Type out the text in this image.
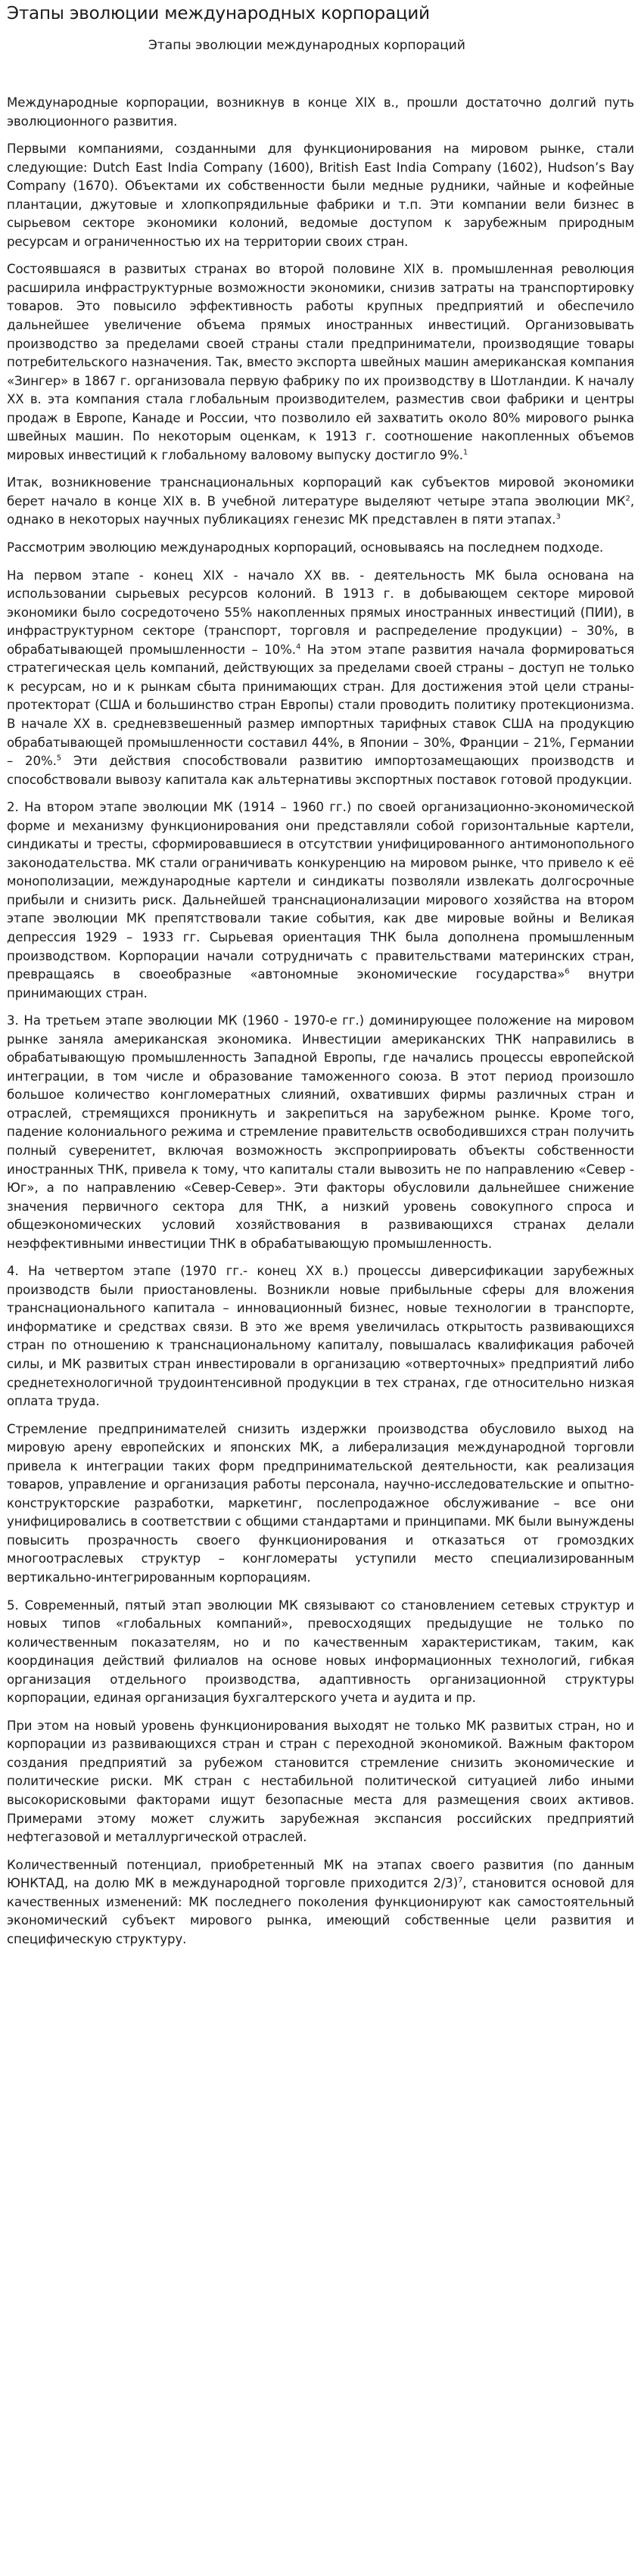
Этапы эволюции международных корпораций
Этапы эволюции международных корпораций

Международные корпорации, возникнув в конце XIX в., прошли достаточно долгий путь эволюционного развития.

Первыми компаниями, созданными для функционирования на мировом рынке, стали следующие: Dutch East India Company (1600), British East India Company (1602), Hudson’s Bay Company (1670). Объектами их собственности были медные рудники, чайные и кофейные плантации, джутовые и хлопкопрядильные фабрики и т.п. Эти компании вели бизнес в сырьевом секторе экономики колоний, ведомые доступом к зарубежным природным ресурсам и ограниченностью их на территории своих стран.

Состоявшаяся в развитых странах во второй половине XIX в. промышленная революция расширила инфраструктурные возможности экономики, снизив затраты на транспортировку товаров. Это повысило эффективность работы крупных предприятий и обеспечило дальнейшее увеличение объема прямых иностранных инвестиций. Организовывать производство за пределами своей страны стали предприниматели, производящие товары потребительского назначения. Так, вместо экспорта швейных машин американская компания «Зингер» в 1867 г. организовала первую фабрику по их производству в Шотландии. К началу XX в. эта компания стала глобальным производителем, разместив свои фабрики и центры продаж в Европе, Канаде и России, что позволило ей захватить около 80% мирового рынка швейных машин. По некоторым оценкам, к 1913 г. соотношение накопленных объемов мировых инвестиций к глобальному валовому выпуску достигло 9%.$^1$

Итак, возникновение транснациональных корпораций как субъектов мировой экономики берет начало в конце XIX в. В учебной литературе выделяют четыре этапа эволюции $МК^2$, однако в некоторых научных публикациях генезис МК представлен в пяти этапах.$^3$

Рассмотрим эволюцию международных корпораций, основываясь на последнем подходе.

На первом этапе - конец XIX - начало XX вв. - деятельность МК была основана на использовании сырьевых ресурсов колоний. В 1913 г. в добывающем секторе мировой экономики было сосредоточено 55% накопленных прямых иностранных инвестиций (ПИИ), в инфраструктурном секторе (транспорт, торговля и распределение продукции) – 30%, в обрабатывающей промышленности – 10%.$^4$ На этом этапе развития начала формироваться стратегическая цель компаний, действующих за пределами своей страны – доступ не только к ресурсам, но и к рынкам сбыта принимающих стран. Для достижения этой цели страны-протекторат (США и большинство стран Европы) стали проводить политику протекционизма. В начале XX в. средневзвешенный размер импортных тарифных ставок США на продукцию обрабатывающей промышленности составил 44%, в Японии – 30%, Франции – 21%, Германии – 20%.$^5$ Эти действия способствовали развитию импортозамещающих производств и способствовали вывозу капитала как альтернативы экспортных поставок готовой продукции.

2. На втором этапе эволюции МК (1914 – 1960 гг.) по своей организационно-экономической форме и механизму функционирования они представляли собой горизонтальные картели, синдикаты и тресты, сформировавшиеся в отсутствии унифицированного антимонопольного законодательства. МК стали ограничивать конкуренцию на мировом рынке, что привело к её монополизации, международные картели и синдикаты позволяли извлекать долгосрочные прибыли и снизить риск. Дальнейшей транснационализации мирового хозяйства на втором этапе эволюции МК препятствовали такие события, как две мировые войны и Великая депрессия 1929 – 1933 гг. Сырьевая ориентация ТНК была дополнена промышленным производством. Корпорации начали сотрудничать с правительствами материнских стран, превращаясь в своеобразные «автономные экономические государства»$^6$ внутри принимающих стран.

3. На третьем этапе эволюции МК (1960 - 1970-е гг.) доминирующее положение на мировом рынке заняла американская экономика. Инвестиции американских ТНК направились в обрабатывающую промышленность Западной Европы, где начались процессы европейской интеграции, в том числе и образование таможенного союза. В этот период произошло большое количество конгломератных слияний, охвативших фирмы различных стран и отраслей, стремящихся проникнуть и закрепиться на зарубежном рынке. Кроме того, падение колониального режима и стремление правительств освободившихся стран получить полный суверенитет, включая возможность экспроприировать объекты собственности иностранных ТНК, привела к тому, что капиталы стали вывозить не по направлению «Север - Юг», а по направлению «Север-Север». Эти факторы обусловили дальнейшее снижение значения первичного сектора для ТНК, а низкий уровень совокупного спроса и общеэкономических условий хозяйствования в развивающихся странах делали неэффективными инвестиции ТНК в обрабатывающую промышленность.

4. На четвертом этапе (1970 гг.- конец XX в.) процессы диверсификации зарубежных производств были приостановлены. Возникли новые прибыльные сферы для вложения транснационального капитала – инновационный бизнес, новые технологии в транспорте, информатике и средствах связи. В это же время увеличилась открытость развивающихся стран по отношению к транснациональному капиталу, повышалась квалификация рабочей силы, и МК развитых стран инвестировали в организацию «отверточных» предприятий либо среднетехнологичной трудоинтенсивной продукции в тех странах, где относительно низкая оплата труда.

Стремление предпринимателей снизить издержки производства обусловило выход на мировую арену европейских и японских МК, а либерализация международной торговли привела к интеграции таких форм предпринимательской деятельности, как реализация товаров, управление и организация работы персонала, научно-исследовательские и опытно-конструкторские разработки, маркетинг, послепродажное обслуживание – все они унифицировались в соответствии с общими стандартами и принципами. МК были вынуждены повысить прозрачность своего функционирования и отказаться от громоздких многоотраслевых структур – конгломераты уступили место специализированным вертикально-интегрированным корпорациям.

5. Современный, пятый этап эволюции МК связывают со становлением сетевых структур и новых типов «глобальных компаний», превосходящих предыдущие не только по количественным показателям, но и по качественным характеристикам, таким, как координация действий филиалов на основе новых информационных технологий, гибкая организация отдельного производства, адаптивность организационной структуры корпорации, единая организация бухгалтерского учета и аудита и пр.

При этом на новый уровень функционирования выходят не только МК развитых стран, но и корпорации из развивающихся стран и стран с переходной экономикой. Важным фактором создания предприятий за рубежом становится стремление снизить экономические и политические риски. МК стран с нестабильной политической ситуацией либо иными высокорисковыми факторами ищут безопасные места для размещения своих активов. Примерами этому может служить зарубежная экспансия российских предприятий нефтегазовой и металлургической отраслей.

Количественный потенциал, приобретенный МК на этапах своего развития (по данным ЮНКТАД, на долю МК в международной торговле приходится 2/3)$^7$, становится основой для качественных изменений: МК последнего поколения функционируют как самостоятельный экономический субъект мирового рынка, имеющий собственные цели развития и специфическую структуру.
